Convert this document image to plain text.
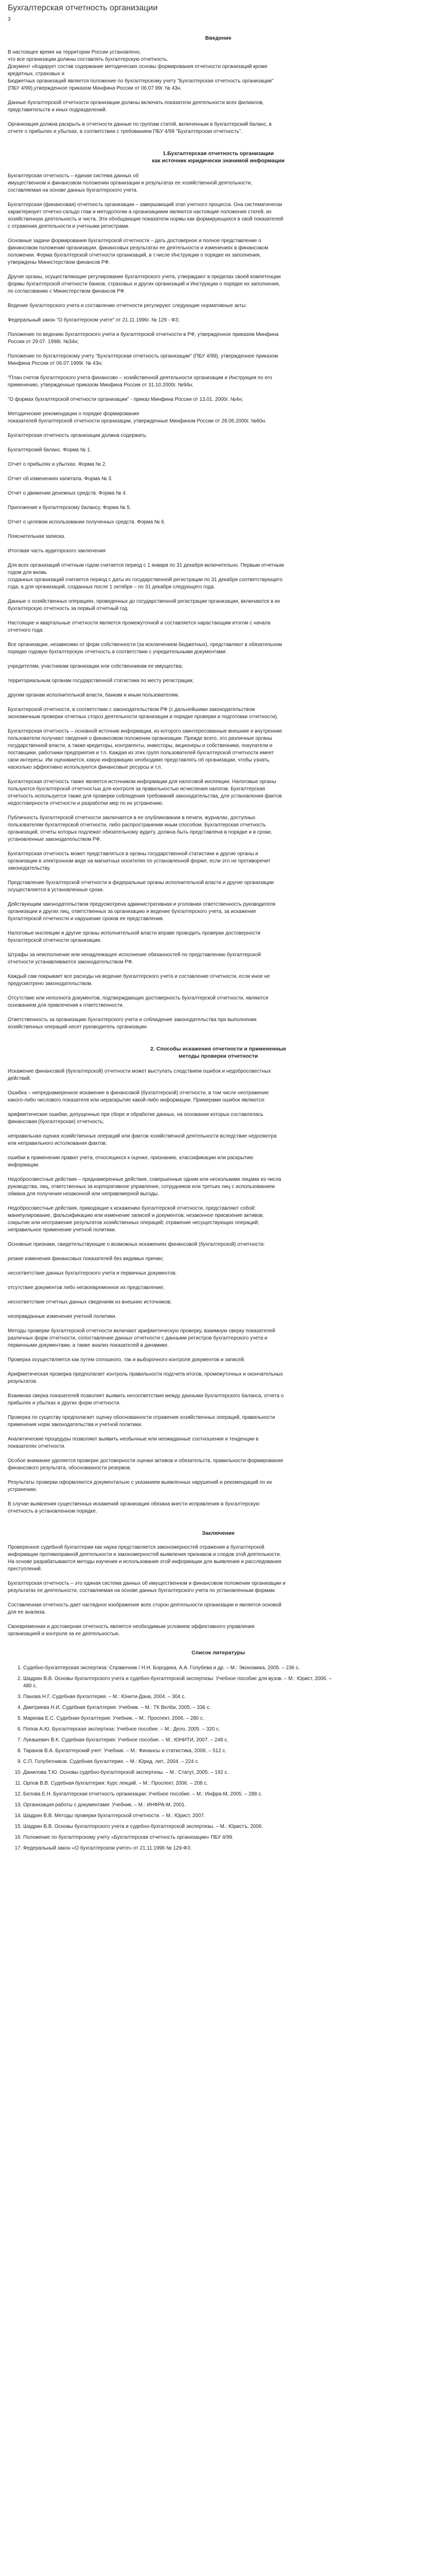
Бухгалтерская отчетность организации
3
Введение
В настоящее время на территории России установлено,
что все организации должны составлять бухгалтерскую отчетность.
Документ «Кодирует состав содержание методических основы формирования отчетности организаций кроме кредитных, страховых и
Бюджетных организаций является положение по бухгалтерскому учету "Бухгалтерская отчетность организации" (ПБУ 4/99),утвержденное приказом Минфина России от 06.07.99г. № 43н.
Данные бухгалтерской отчетности организации должны включать показатели деятельности всех филиалов, представительств и иных подразделений.
Организация должна раскрыть в отчетности данные по группам статей, включенным в бухгалтерский баланс, в отчете о прибылях и убытках, в соответствии с требованием ПБУ 4/99 "Бухгалтерская отчетность".
1.Бухгалтерская отчетность организации
как источник юридически значимой информации
Бухгалтерская отчетность – единая система данных об
имущественном и финансовом положении организации и результатах ее хозяйственной деятельности, составляемая на основе данных бухгалтерского учета.
Бухгалтерская (финансовая) отчетность организации – завершающий этап учетного процесса. Она систематически характеризует отчетно-сальдо глав и методологии а организацииии являются настоящие положения статей, их хозяйственную деятельность и чиста. Эти обобщающие показатели нормы как формирующихся в свой показателей с отражения деятельности и учетными регистрами.
Основные задачи формирования бухгалтерской отчетности – дать достоверное и полное представление о финансовом положении организации, финансовых результатах ее деятельности и изменениях в финансовом положении. Форма бухгалтерской отчетности организаций, в т.числе Инструкции о порядке их заполнения, утверждены Министерством финансов РФ.
Другие органы, осуществляющие регулирование бухгалтерского учета, утверждают в пределах своей компетенции формы бухгалтерской отчетности банков, страховых и других организаций и Инструкции о порядке их заполнения, по согласованию с Министерством финансов РФ.
Ведение бухгалтерского учета и составление отчетности регулируют следующие нормативные акты:
Федеральный закон "О бухгалтерском учете" от 21.11.1996г. № 129 - ФЗ;
Положение по ведению бухгалтерского учета и бухгалтерской отчетности в РФ, утвержденное приказом Минфина России от 29.07. 1998г. №34н;
Положение по бухгалтерскому учету "Бухгалтерская отчетность организации" (ПБУ 4/99), утвержденное приказом Минфина России от 06.07.1999г. № 43н;
"План счетов бухгалтерского учета финансово – хозяйственной деятельности организации и Инструкция по его применению, утвержденные приказом Минфина России от 31.10.2000г. №94н;
"О формах бухгалтерской отчетности организации" - приказ Минфина России от 13.01. 2000г. №4н;
Методические рекомендации о порядке формирования
показателей бухгалтерской отчетности организации, утвержденные Минфином России от 28.06.2000г. №60н.
Бухгалтерская отчетность организации должна содержать:
Бухгалтерский баланс. Форма № 1.
Отчет о прибылях и убытках. Форма № 2.
Отчет об изменениях капитала. Форма № 3.
Отчет о движении денежных средств. Форма № 4.
Приложение к бухгалтерскому балансу. Форма № 5.
Отчет о целевом использовании полученных средств. Форма № 6.
Пояснительная записка.
Итоговая часть аудиторского заключения
Для всех организаций отчетным годом считается период с 1 января по 31 декабря включительно. Первым отчетным годом для вновь
созданных организаций считается период с даты их государственной регистрации по 31 декабря соответствующего года, а для организаций, созданных после 1 октября – по 31 декабря следующего года.
Данные о хозяйственных операциях, проведенных до государственной регистрации организации, включаются в их бухгалтерскую отчетность за первый отчетный год.
Настоящие и квартальные отчетности является промежуточной и составляется нарастающим итогом с начала отчетного года.
Все организации, независимо от форм собственности (за исключением бюджетных), представляют в обязательном порядке годовую бухгалтерскую отчетность в соответствии с учредительными документами:
учредителям, участникам организации или собственникам ее имущества;
территориальным органам государственной статистики по месту регистрации;
другим органам исполнительной власти, банкам и иным пользователям.
Бухгалтерской отчетности, в соответствии с законодательством РФ (с дальнейшими законодательством экономичным проверки отчетных стороз деятельности организации и порядке проверки и подготовки отчетности).
Бухгалтерская отчетность – основной источник информации, из которого заинтересованные внешние и внутренние пользователи получают сведения о финансовом положении организации. Прежде всего, это различные органы государственной власти, а также кредиторы, контрагенты, инвесторы, акционеры и собственники, покупатели и поставщики, работники предприятия и т.п. Каждая из этих групп пользователей бухгалтерской отчетности имеет свои интересы. Им оценивается, какую информацию необходимо представлять об организации, чтобы узнать, насколько эффективно используются финансовые ресурсы и т.п.
Бухгалтерская отчетность также является источником информации для налоговой инспекции. Налоговые органы пользуются бухгалтерской отчетностью для контроля за правильностью исчисления налогов. Бухгалтерская отчетность используется также для проверки соблюдения требований законодательства, для установления фактов недостоверности отчетности и разработки мер по их устранению.
Публичность бухгалтерской отчетности заключается в ее опубликовании в печати, журналах, доступных пользователям бухгалтерской отчетности, либо распространении иным способом. Бухгалтерская отчетность организаций, отчеты которых подлежат обязательному аудиту, должна быть представлена в порядке и в сроки, установленные законодательством РФ.
Бухгалтерская отчетность может представляться в органы государственной статистики и другие органы и организации в электронном виде на магнитных носителях по установленной форме, если это не противоречит законодательству.
Представление бухгалтерской отчетности в федеральные органы исполнительной власти и другие организации осуществляется в установленные сроки.
Действующим законодательством предусмотрена административная и уголовная ответственность руководителя организации и других лиц, ответственных за организацию и ведение бухгалтерского учета, за искажение бухгалтерской отчетности и нарушение сроков ее представления.
Налоговые инспекции и другие органы исполнительной власти вправе проводить проверки достоверности бухгалтерской отчетности организации.
Штрафы за неисполнение или ненадлежащее исполнение обязанностей по представлению бухгалтерской отчетности устанавливаются законодательством РФ.
Каждый сам покрывает все расходы на ведение бухгалтерского учета и составление отчетности, если иное не предусмотрено законодательством.
Отсутствие или неполнота документов, подтверждающих достоверность бухгалтерской отчетности, являются основанием для привлечения к ответственности.
Ответственность за организацию бухгалтерского учета и соблюдение законодательства при выполнении хозяйственных операций несет руководитель организации.
2. Способы искажения отчетности и примененные
методы проверки отчетности
Искажение финансовой (бухгалтерской) отчетности может выступать следствием ошибок и недобросовестных действий.
Ошибка – непреднамеренное искажение в финансовой (бухгалтерской) отчетности, в том числе неотражение какого-либо числового показателя или нераскрытие какой-либо информации. Примерами ошибок являются:
арифметические ошибки, допущенные при сборе и обработке данных, на основании которых составлялась финансовая (бухгалтерская) отчетность;
неправильная оценка хозяйственных операций или фактов хозяйственной деятельности вследствие недосмотра или неправильного истолкования фактов;
ошибки в применении правил учета, относящихся к оценке, признанию, классификации или раскрытию информации.
Недобросовестные действия – преднамеренные действия, совершенные одним или несколькими лицами из числа руководства, лиц, ответственных за корпоративное управление, сотрудников или третьих лиц с использованием обмана для получения незаконной или неправомерной выгоды.
Недобросовестные действия, приводящие к искажению бухгалтерской отчетности, представляют собой: манипулирование, фальсификацию или изменение записей и документов; незаконное присвоение активов; сокрытие или неотражение результатов хозяйственных операций; отражение несуществующих операций; неправильное применение учетной политики.
Основные признаки, свидетельствующие о возможных искажениях финансовой (бухгалтерской) отчетности:
резкие изменения финансовых показателей без видимых причин;
несоответствие данных бухгалтерского учета и первичных документов;
отсутствие документов либо несвоевременное их представление;
несоответствие отчетных данных сведениям из внешних источников;
неоправданные изменения учетной политики.
Методы проверки бухгалтерской отчетности включают арифметическую проверку, взаимную сверку показателей различных форм отчетности, сопоставление данных отчетности с данными регистров бухгалтерского учета и первичными документами, а также анализ показателей в динамике.
Проверка осуществляется как путем сплошного, так и выборочного контроля документов и записей.
Арифметическая проверка предполагает контроль правильности подсчета итогов, промежуточных и окончательных результатов.
Взаимная сверка показателей позволяет выявить несоответствия между данными бухгалтерского баланса, отчета о прибылях и убытках и других форм отчетности.
Проверка по существу предполагает оценку обоснованности отражения хозяйственных операций, правильности применения норм законодательства и учетной политики.
Аналитические процедуры позволяют выявить необычные или неожиданные соотношения и тенденции в показателях отчетности.
Особое внимание уделяется проверке достоверности оценки активов и обязательств, правильности формирования финансового результата, обоснованности резервов.
Результаты проверки оформляются документально с указанием выявленных нарушений и рекомендаций по их устранению.
В случае выявления существенных искажений организация обязана внести исправления в бухгалтерскую отчетность в установленном порядке.
Заключение
Проверенное судебной бухгалтерии как наука представляется закономерностей отражения в бухгалтерской информации противоправной деятельности и закономерностей выявления признаков и следов этой деятельности. На основе разрабатываются методы изучения и использования этой информации для выявления и расследования преступлений.
Бухгалтерская отчетность – это единая система данных об имущественном и финансовом положении организации и результатах ее деятельности, составляемая на основе данных бухгалтерского учета по установленным формам.
Составленная отчетность дает наглядное изображение всех сторон деятельности организации и является основой для ее анализа.
Своевременная и достоверная отчетность является необходимым условием эффективного управления организацией и контроля за ее деятельностью.
Список литературы
1. Судебно-бухгалтерская экспертиза: Справочник / Н.Н. Бородина, А.А. Голубева и др. – М.: Экономика, 2005. – 236 с.
2. Шадрин В.В. Основы бухгалтерского учета и судебно-бухгалтерской экспертизы: Учебное пособие для вузов. – М.: Юрист, 2006. – 480 с.
3. Панова Н.Г. Судебная бухгалтерия. – М.: Юнити-Дана, 2004. – 304 с.
4. Дмитриева Н.И. Судебная бухгалтерия: Учебник. – М.: ТК Велби, 2005. – 336 с.
5. Маркова Е.С. Судебная бухгалтерия: Учебник. – М.: Проспект, 2006. – 280 с.
6. Попов А.Ю. Бухгалтерская экспертиза: Учебное пособие. – М.: Дело, 2005. – 320 с.
7. Лукашевич В.К. Судебная бухгалтерия: Учебное пособие. – М.: ЮНИТИ, 2007. – 248 с.
8. Таранов В.А. Бухгалтерский учет: Учебник. – М.: Финансы и статистика, 2006. – 512 с.
9. С.П. Голубятников. Судебная бухгалтерия. – М.: Юрид. лит., 2004. – 224 с.
10. Данилова Т.Ю. Основы судебно-бухгалтерской экспертизы. – М.: Статут, 2005. – 192 с.
11. Орлов В.В. Судебная бухгалтерия: Курс лекций. – М.: Проспект, 2006. – 208 с.
12. Белова Е.Н. Бухгалтерская отчетность организации: Учебное пособие. – М.: Инфра-М, 2005. – 288 с.
13. Организация работы с документами: Учебник. – М.: ИНФРА-М, 2001.
14. Шадрин В.В. Методы проверки бухгалтерской отчетности. – М.: Юрист, 2007.
15. Шадрин В.В. Основы бухгалтерского учета и судебно-бухгалтерской экспертизы. – М.: Юристъ, 2006.
16. Положение по бухгалтерскому учету «Бухгалтерская отчетность организации» ПБУ 4/99.
17. Федеральный закон «О бухгалтерском учете» от 21.11.1996 № 129-ФЗ.
